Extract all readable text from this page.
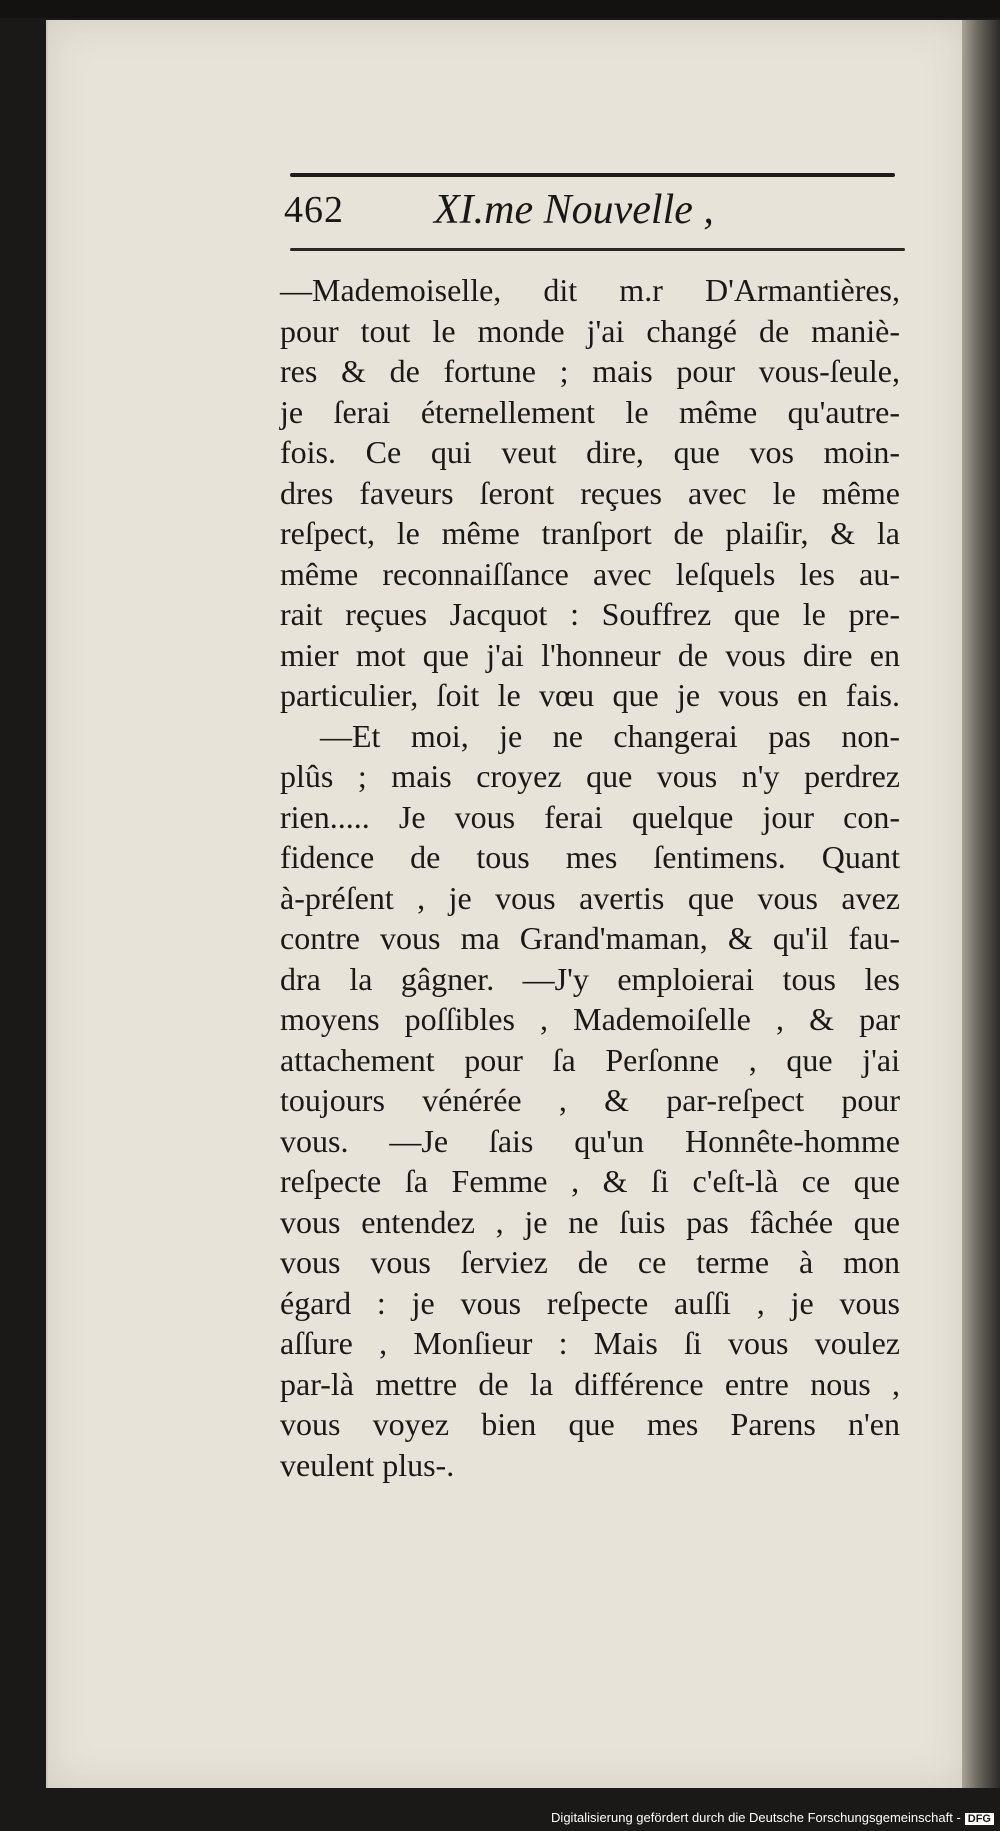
462 XI.me Nouvelle ,
—Mademoiselle, dit m.r D'Armantières,
pour tout le monde j'ai changé de maniè-
res & de fortune ; mais pour vous-ſeule,
je ſerai éternellement le même qu'autre-
fois. Ce qui veut dire, que vos moin-
dres faveurs ſeront reçues avec le même
reſpect, le même tranſport de plaiſir, & la
même reconnaiſſance avec leſquels les au-
rait reçues Jacquot : Souffrez que le pre-
mier mot que j'ai l'honneur de vous dire en
particulier, ſoit le vœu que je vous en fais.
—Et moi, je ne changerai pas non-
plûs ; mais croyez que vous n'y perdrez
rien..... Je vous ferai quelque jour con-
fidence de tous mes ſentimens. Quant
à-préſent , je vous avertis que vous avez
contre vous ma Grand'maman, & qu'il fau-
dra la gâgner. —J'y emploierai tous les
moyens poſſibles , Mademoiſelle , & par
attachement pour ſa Perſonne , que j'ai
toujours vénérée , & par-reſpect pour
vous. —Je ſais qu'un Honnête-homme
reſpecte ſa Femme , & ſi c'eſt-là ce que
vous entendez , je ne ſuis pas fâchée que
vous vous ſerviez de ce terme à mon
égard : je vous reſpecte auſſi , je vous
aſſure , Monſieur : Mais ſi vous voulez
par-là mettre de la différence entre nous ,
vous voyez bien que mes Parens n'en
veulent plus-.
Digitalisierung gefördert durch die Deutsche Forschungsgemeinschaft - DFG
